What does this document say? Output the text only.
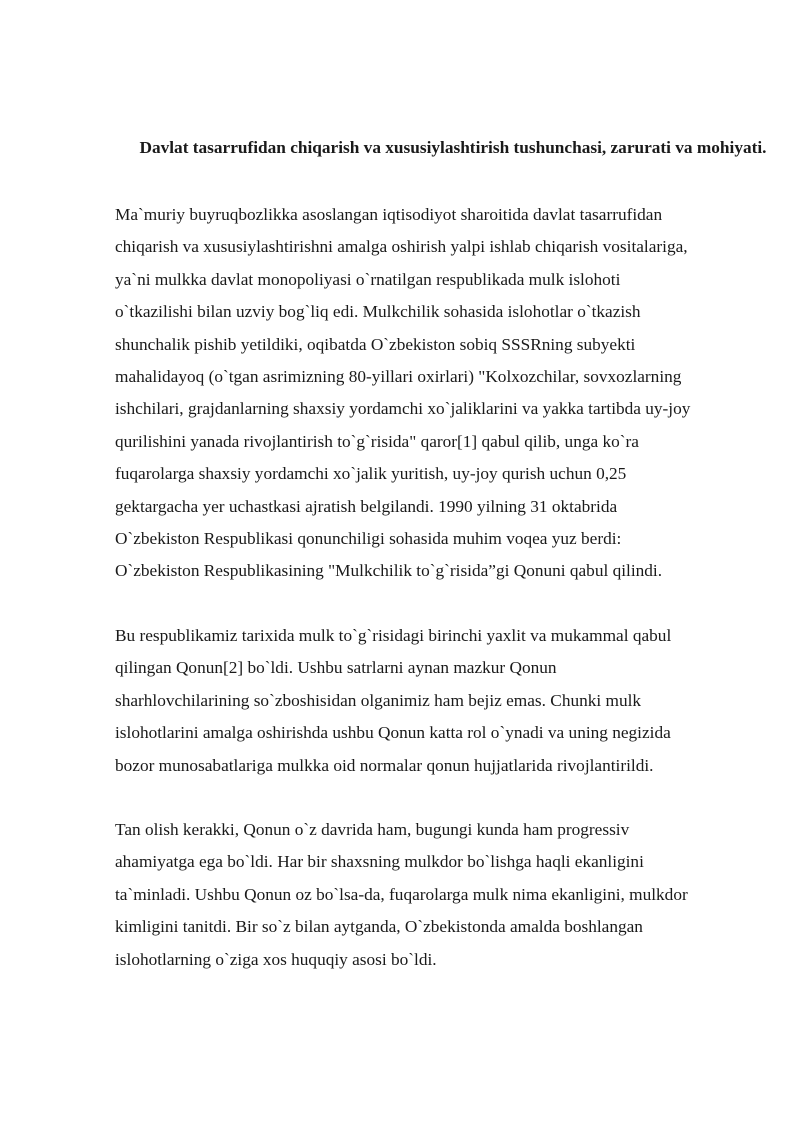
Davlat tasarrufidan chiqarish va xususiylashtirish tushunchasi, zarurati va mohiyati.

Ma`muriy buyruqbozlikka asoslangan iqtisodiyot sharoitida davlat tasarrufidan
chiqarish va xususiylashtirishni amalga oshirish yalpi ishlab chiqarish vositalariga,
ya`ni mulkka davlat monopoliyasi o`rnatilgan respublikada mulk islohoti
o`tkazilishi bilan uzviy bog`liq edi. Mulkchilik sohasida islohotlar o`tkazish
shunchalik pishib yetildiki, oqibatda O`zbekiston sobiq SSSRning subyekti
mahalidayoq (o`tgan asrimizning 80-yillari oxirlari) "Kolxozchilar, sovxozlarning
ishchilari, grajdanlarning shaxsiy yordamchi xo`jaliklarini va yakka tartibda uy-joy
qurilishini yanada rivojlantirish to`g`risida" qaror[1] qabul qilib, unga ko`ra
fuqarolarga shaxsiy yordamchi xo`jalik yuritish, uy-joy qurish uchun 0,25
gektargacha yer uchastkasi ajratish belgilandi. 1990 yilning 31 oktabrida
O`zbekiston Respublikasi qonunchiligi sohasida muhim voqea yuz berdi:
O`zbekiston Respublikasining "Mulkchilik to`g`risida”gi Qonuni qabul qilindi.

Bu respublikamiz tarixida mulk to`g`risidagi birinchi yaxlit va mukammal qabul
qilingan Qonun[2] bo`ldi. Ushbu satrlarni aynan mazkur Qonun
sharhlovchilarining so`zboshisidan olganimiz ham bejiz emas. Chunki mulk
islohotlarini amalga oshirishda ushbu Qonun katta rol o`ynadi va uning negizida
bozor munosabatlariga mulkka oid normalar qonun hujjatlarida rivojlantirildi.

Tan olish kerakki, Qonun o`z davrida ham, bugungi kunda ham progressiv
ahamiyatga ega bo`ldi. Har bir shaxsning mulkdor bo`lishga haqli ekanligini
ta`minladi. Ushbu Qonun oz bo`lsa-da, fuqarolarga mulk nima ekanligini, mulkdor
kimligini tanitdi. Bir so`z bilan aytganda, O`zbekistonda amalda boshlangan
islohotlarning o`ziga xos huquqiy asosi bo`ldi.
